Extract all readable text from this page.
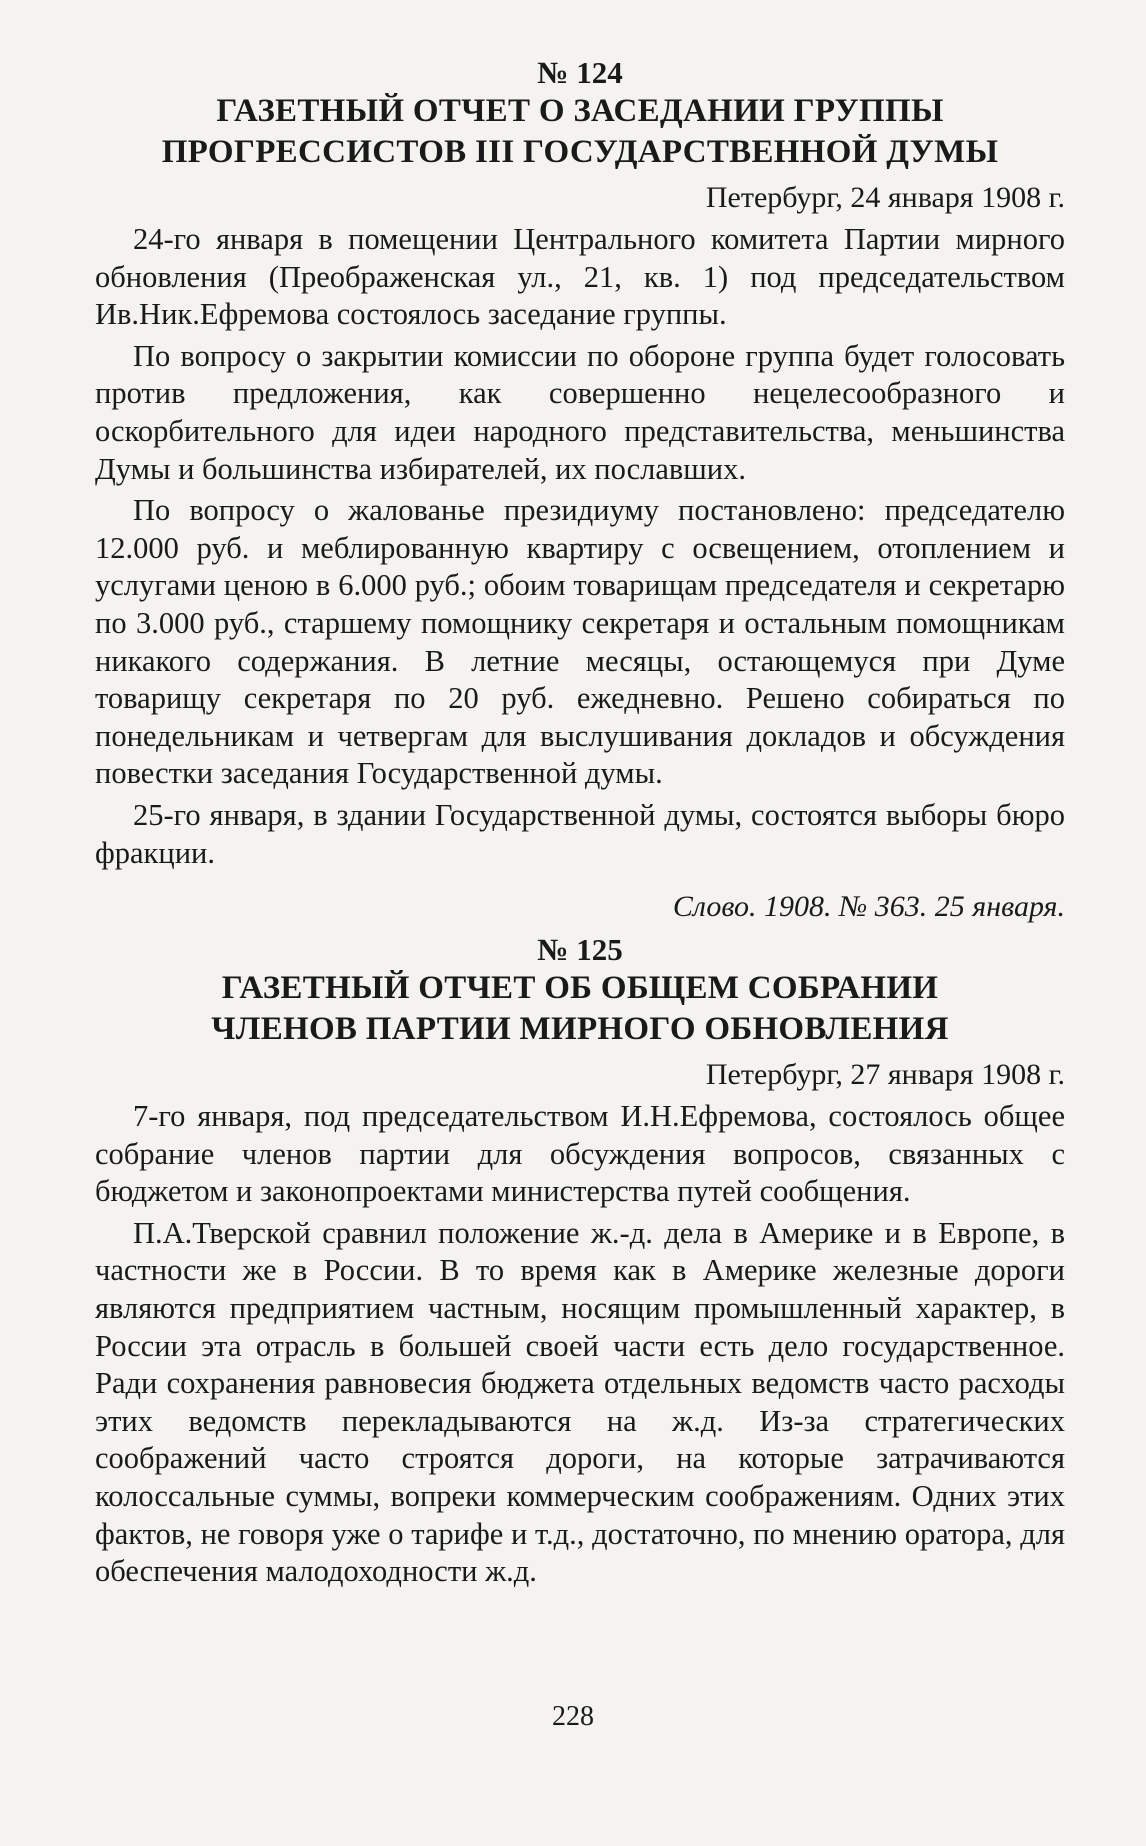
№ 124
ГАЗЕТНЫЙ ОТЧЕТ О ЗАСЕДАНИИ ГРУППЫ
ПРОГРЕССИСТОВ III ГОСУДАРСТВЕННОЙ ДУМЫ

Петербург, 24 января 1908 г.

24-го января в помещении Центрального комитета Партии мирного обновления (Преображенская ул., 21, кв. 1) под председательством Ив.Ник.Ефремова состоялось заседание группы.

По вопросу о закрытии комиссии по обороне группа будет голосовать против предложения, как совершенно нецелесообразного и оскорбительного для идеи народного представительства, меньшинства Думы и большинства избирателей, их пославших.

По вопросу о жалованье президиуму постановлено: председателю 12.000 руб. и меблированную квартиру с освещением, отоплением и услугами ценою в 6.000 руб.; обоим товарищам председателя и секретарю по 3.000 руб., старшему помощнику секретаря и остальным помощникам никакого содержания. В летние месяцы, остающемуся при Думе товарищу секретаря по 20 руб. ежедневно. Решено собираться по понедельникам и четвергам для выслушивания докладов и обсуждения повестки заседания Государственной думы.

25-го января, в здании Государственной думы, состоятся выборы бюро фракции.

Слово. 1908. № 363. 25 января.

№ 125
ГАЗЕТНЫЙ ОТЧЕТ ОБ ОБЩЕМ СОБРАНИИ
ЧЛЕНОВ ПАРТИИ МИРНОГО ОБНОВЛЕНИЯ

Петербург, 27 января 1908 г.

7-го января, под председательством И.Н.Ефремова, состоялось общее собрание членов партии для обсуждения вопросов, связанных с бюджетом и законопроектами министерства путей сообщения.

П.А.Тверской сравнил положение ж.-д. дела в Америке и в Европе, в частности же в России. В то время как в Америке железные дороги являются предприятием частным, носящим промышленный характер, в России эта отрасль в большей своей части есть дело государственное. Ради сохранения равновесия бюджета отдельных ведомств часто расходы этих ведомств перекладываются на ж.д. Из-за стратегических соображений часто строятся дороги, на которые затрачиваются колоссальные суммы, вопреки коммерческим соображениям. Одних этих фактов, не говоря уже о тарифе и т.д., достаточно, по мнению оратора, для обеспечения малодоходности ж.д.

228
